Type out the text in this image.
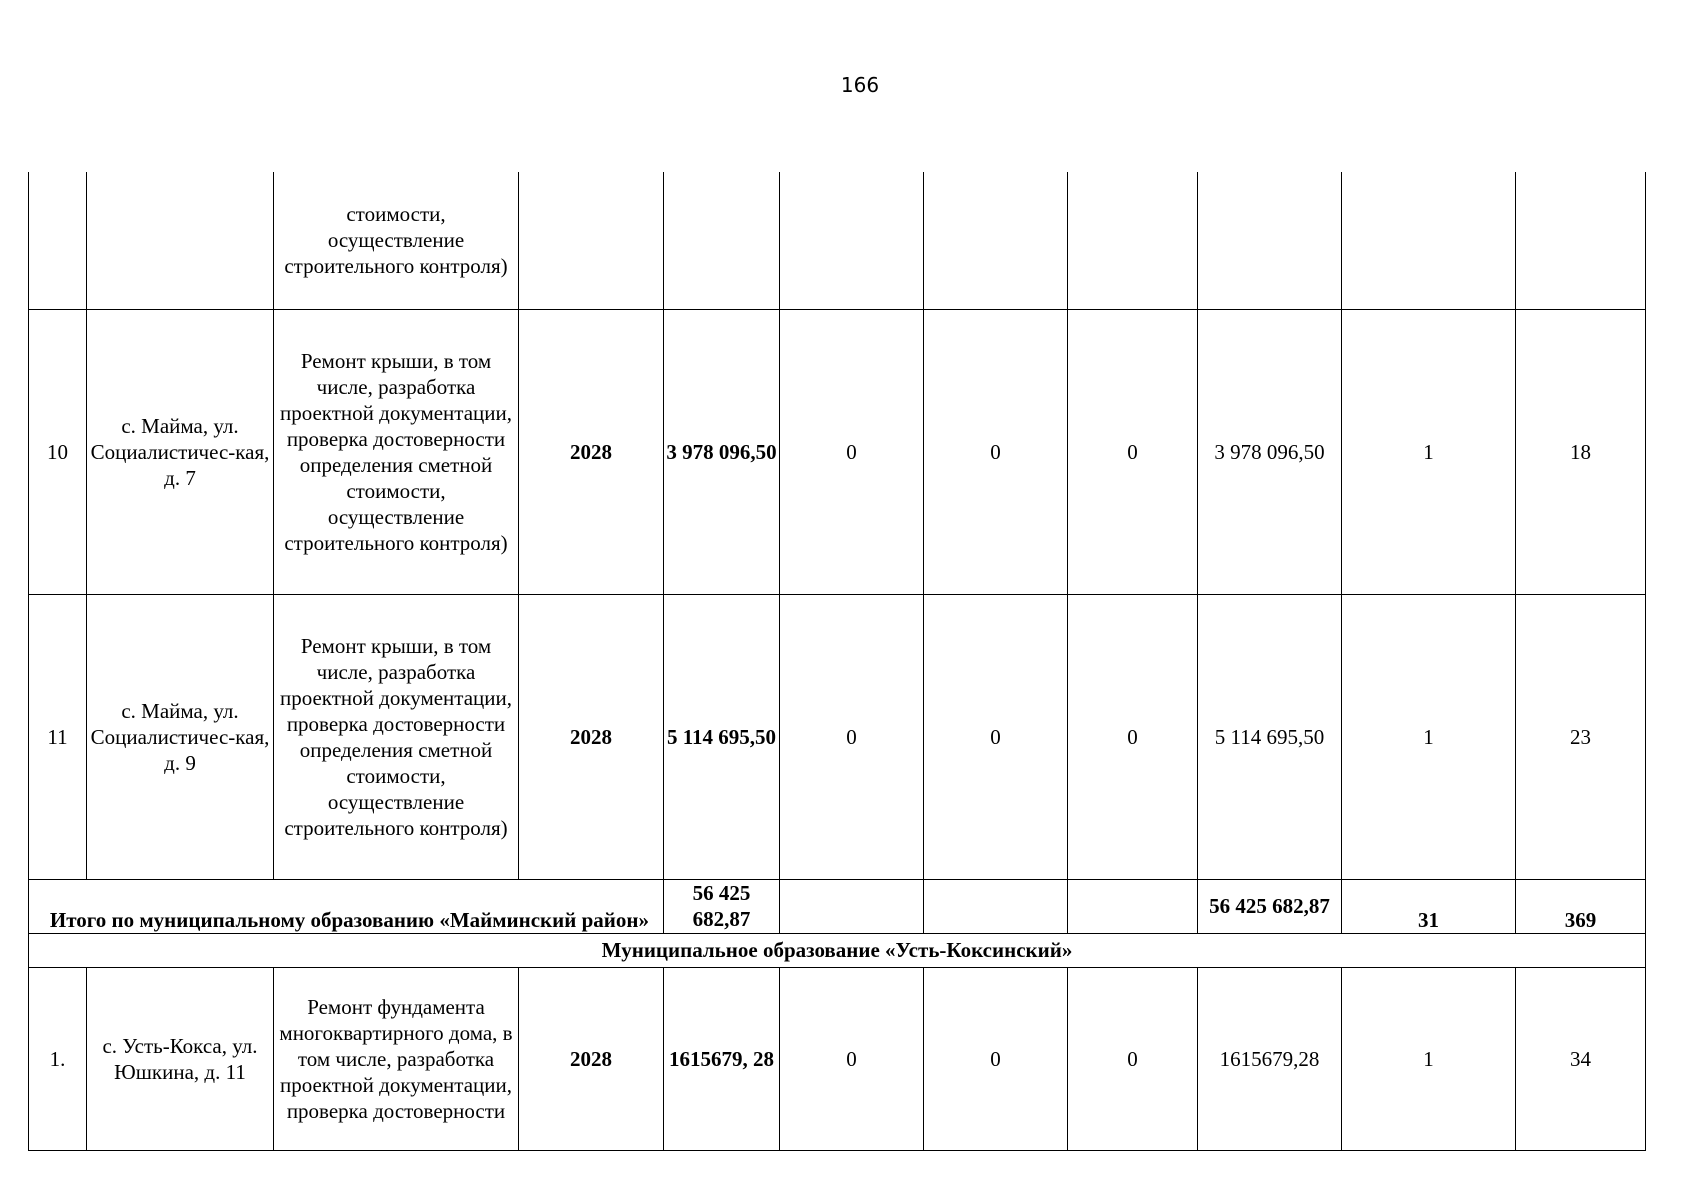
166
		стоимости, осуществление строительного контроля)								
10	с. Майма, ул. Социалистичес-кая, д. 7	Ремонт крыши, в том числе, разработка проектной документации, проверка достоверности определения сметной стоимости, осуществление строительного контроля)	2028	3 978 096,50	0	0	0	3 978 096,50	1	18
11	с. Майма, ул. Социалистичес-кая, д. 9	Ремонт крыши, в том числе, разработка проектной документации, проверка достоверности определения сметной стоимости, осуществление строительного контроля)	2028	5 114 695,50	0	0	0	5 114 695,50	1	23
Итого по муниципальному образованию «Майминский район»				56 425 682,87				56 425 682,87	31	369
Муниципальное образование «Усть-Коксинский»										
1.	с. Усть-Кокса, ул. Юшкина, д. 11	Ремонт фундамента многоквартирного дома, в том числе, разработка проектной документации, проверка достоверности	2028	1615679, 28	0	0	0	1615679,28	1	34
